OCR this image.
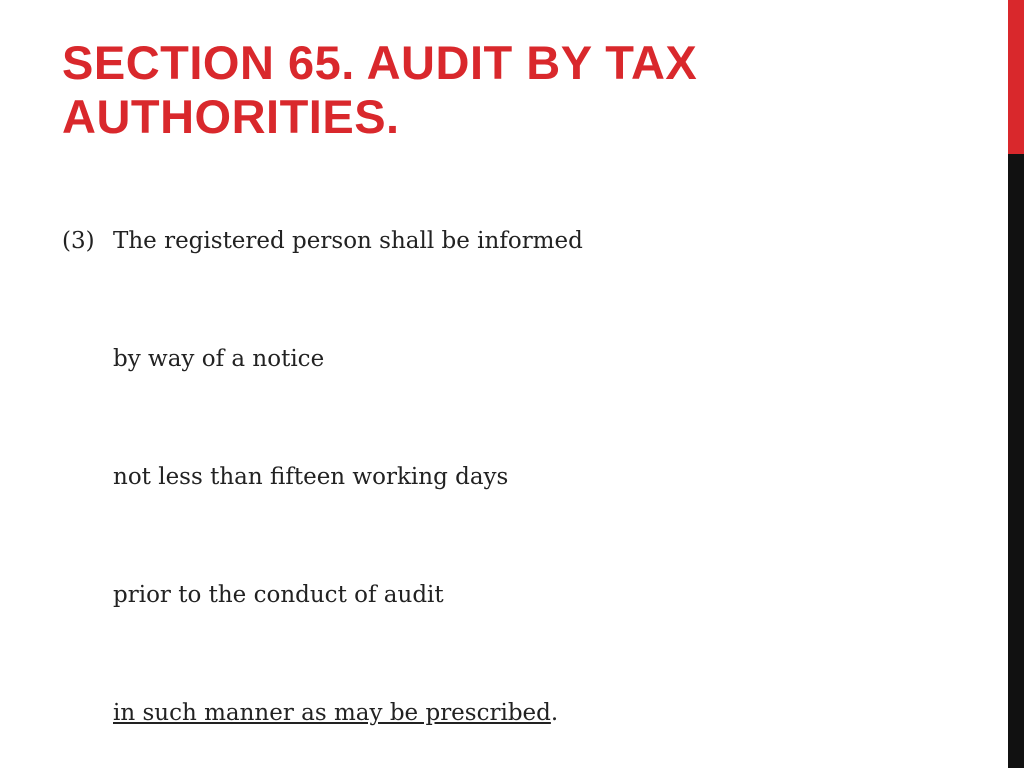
SECTION 65. AUDIT BY TAX AUTHORITIES.
(3) The registered person shall be informed
by way of a notice
not less than fifteen working days
prior to the conduct of audit
in such manner as may be prescribed.
